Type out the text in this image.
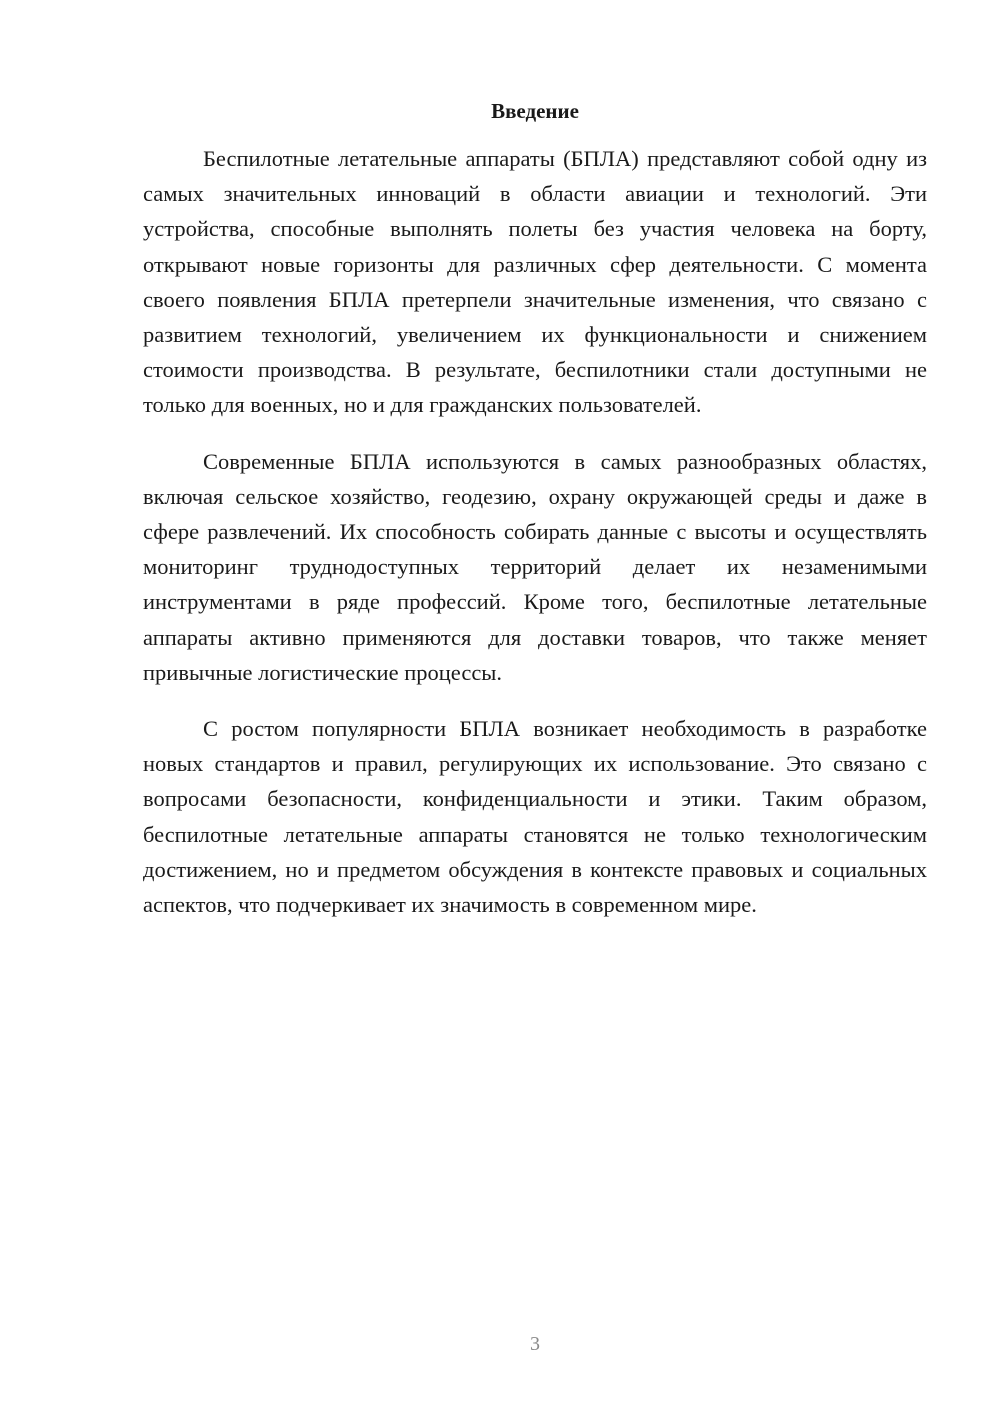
Введение

Беспилотные летательные аппараты (БПЛА) представляют собой одну из самых значительных инноваций в области авиации и технологий. Эти устройства, способные выполнять полеты без участия человека на борту, открывают новые горизонты для различных сфер деятельности. С момента своего появления БПЛА претерпели значительные изменения, что связано с развитием технологий, увеличением их функциональности и снижением стоимости производства. В результате, беспилотники стали доступными не только для военных, но и для гражданских пользователей.

Современные БПЛА используются в самых разнообразных областях, включая сельское хозяйство, геодезию, охрану окружающей среды и даже в сфере развлечений. Их способность собирать данные с высоты и осуществлять мониторинг труднодоступных территорий делает их незаменимыми инструментами в ряде профессий. Кроме того, беспилотные летательные аппараты активно применяются для доставки товаров, что также меняет привычные логистические процессы.

С ростом популярности БПЛА возникает необходимость в разработке новых стандартов и правил, регулирующих их использование. Это связано с вопросами безопасности, конфиденциальности и этики. Таким образом, беспилотные летательные аппараты становятся не только технологическим достижением, но и предметом обсуждения в контексте правовых и социальных аспектов, что подчеркивает их значимость в современном мире.

3
